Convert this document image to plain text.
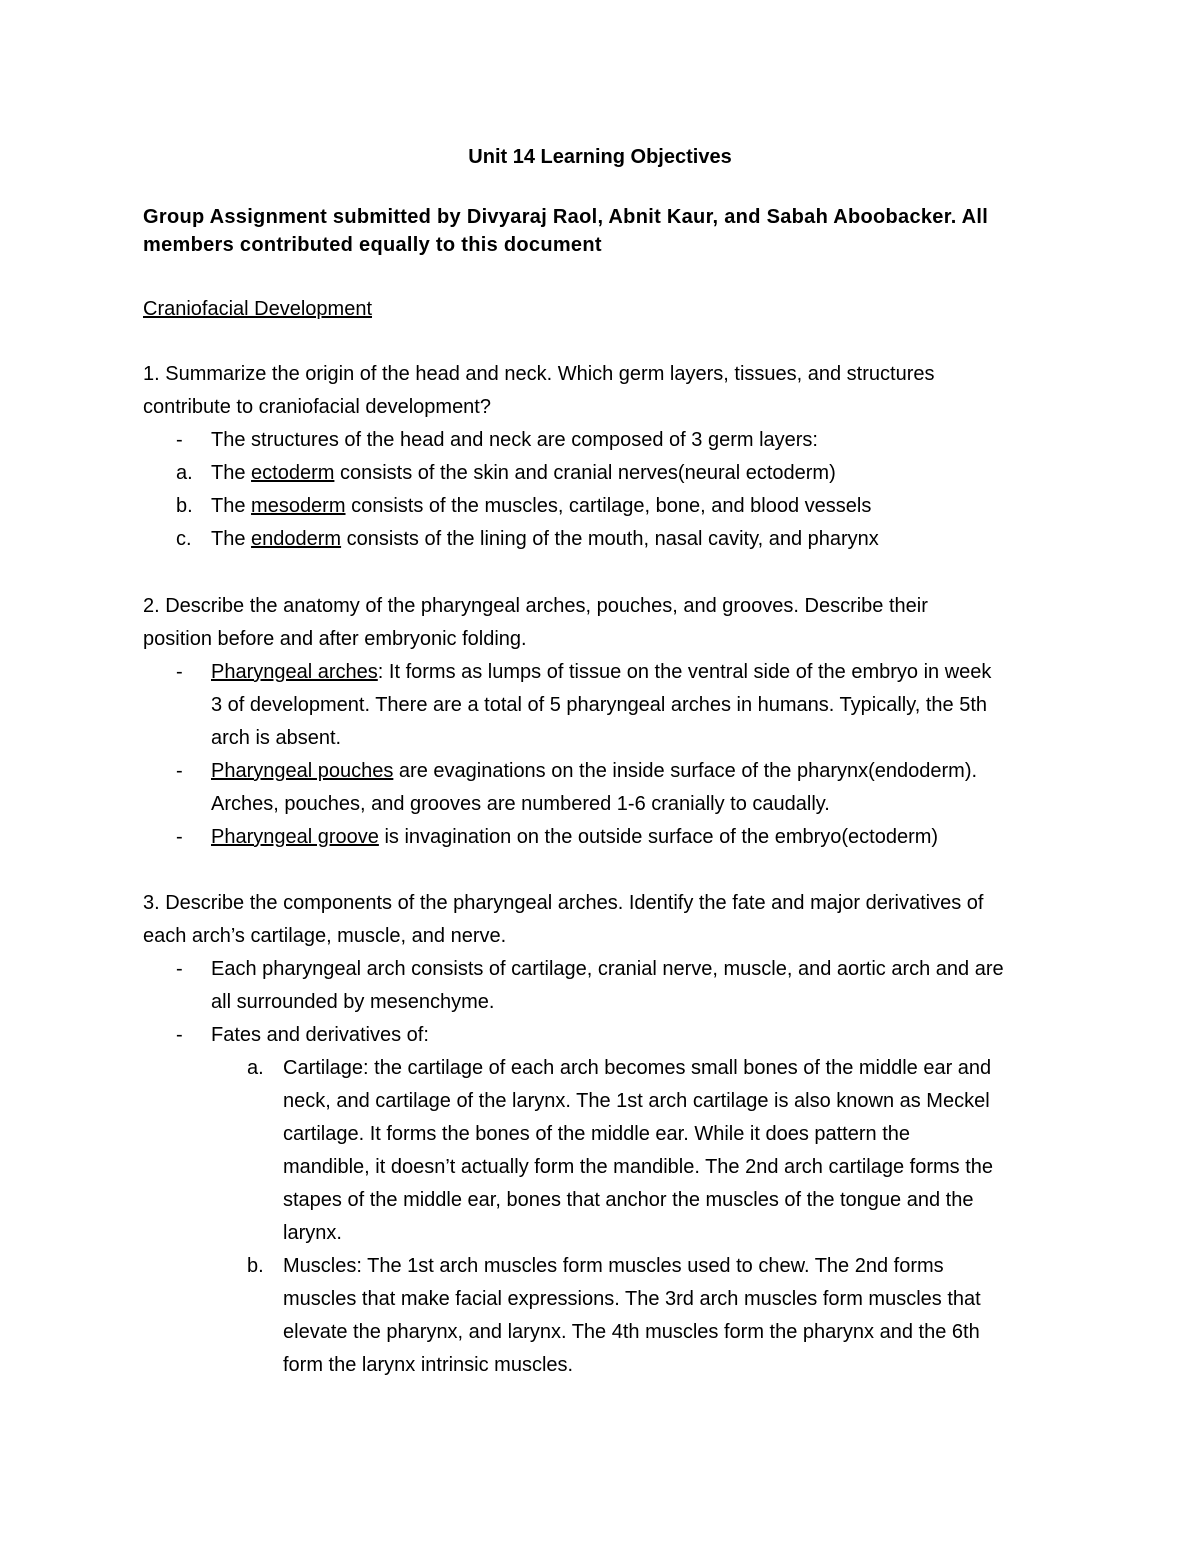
Unit 14 Learning Objectives
Group Assignment submitted by Divyaraj Raol, Abnit Kaur, and Sabah Aboobacker. All
members contributed equally to this document
Craniofacial Development
1. Summarize the origin of the head and neck. Which germ layers, tissues, and structures
contribute to craniofacial development?
- The structures of the head and neck are composed of 3 germ layers:
a. The ectoderm consists of the skin and cranial nerves(neural ectoderm)
b. The mesoderm consists of the muscles, cartilage, bone, and blood vessels
c. The endoderm consists of the lining of the mouth, nasal cavity, and pharynx
2. Describe the anatomy of the pharyngeal arches, pouches, and grooves. Describe their
position before and after embryonic folding.
- Pharyngeal arches: It forms as lumps of tissue on the ventral side of the embryo in week
3 of development. There are a total of 5 pharyngeal arches in humans. Typically, the 5th
arch is absent.
- Pharyngeal pouches are evaginations on the inside surface of the pharynx(endoderm).
Arches, pouches, and grooves are numbered 1-6 cranially to caudally.
- Pharyngeal groove is invagination on the outside surface of the embryo(ectoderm)
3. Describe the components of the pharyngeal arches. Identify the fate and major derivatives of
each arch’s cartilage, muscle, and nerve.
- Each pharyngeal arch consists of cartilage, cranial nerve, muscle, and aortic arch and are
all surrounded by mesenchyme.
- Fates and derivatives of:
a. Cartilage: the cartilage of each arch becomes small bones of the middle ear and
neck, and cartilage of the larynx. The 1st arch cartilage is also known as Meckel
cartilage. It forms the bones of the middle ear. While it does pattern the
mandible, it doesn’t actually form the mandible. The 2nd arch cartilage forms the
stapes of the middle ear, bones that anchor the muscles of the tongue and the
larynx.
b. Muscles: The 1st arch muscles form muscles used to chew. The 2nd forms
muscles that make facial expressions. The 3rd arch muscles form muscles that
elevate the pharynx, and larynx. The 4th muscles form the pharynx and the 6th
form the larynx intrinsic muscles.
